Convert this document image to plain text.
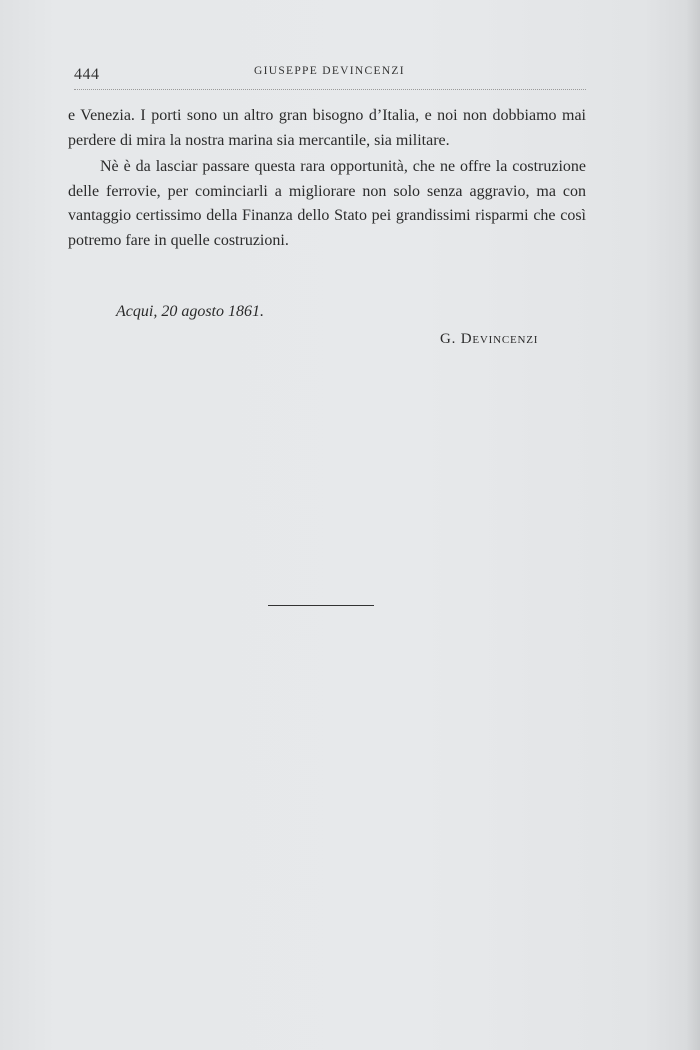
444	GIUSEPPE DEVINCENZI

e Venezia. I porti sono un altro gran bisogno d’Italia, e noi non dobbiamo mai perdere di mira la nostra marina sia mercantile, sia militare.

Nè è da lasciar passare questa rara opportunità, che ne offre la costruzione delle ferrovie, per cominciarli a migliorare non solo senza aggravio, ma con vantaggio certissimo della Finanza dello Stato pei grandissimi risparmi che così potremo fare in quelle costruzioni.

Acqui, 20 agosto 1861.
G. Devincenzi
